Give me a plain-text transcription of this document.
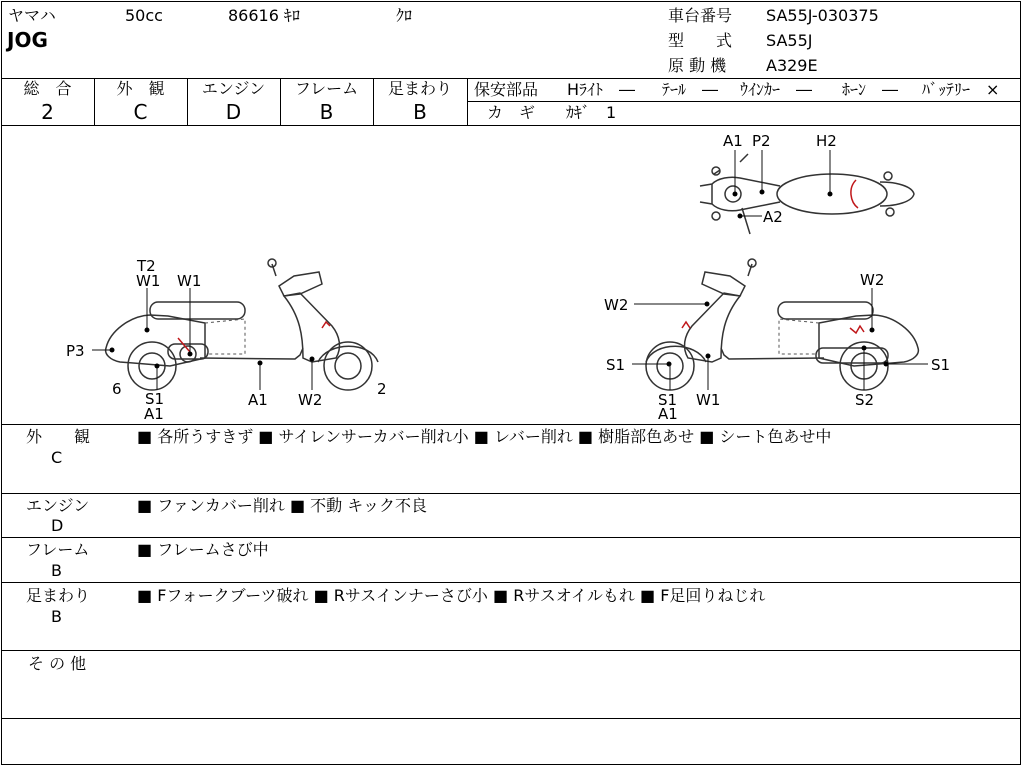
ヤマハ	50cc	86616 ｷﾛ	ｸﾛ
JOG
車台番号 SA55J-030375
型　　式 SA55J
原 動 機 A329E
総　合
2
外　観
C
エンジン
D
フレーム
B
足まわり
B
保安部品 Hﾗｲﾄ　― ﾃｰﾙ　― ｳｲﾝｶｰ　― ﾎｰﾝ　― ﾊﾞｯﾃﾘｰ　×
カ　ギ ｶｷﾞ　1
T2
W1 W1
P3
6
S1
A1
A1 W2
2
W2
W2
S1
S1
A1
W1
S1
S2
A1 P2	H2
A2
外　　観
C
■ 各所うすきず ■ サイレンサーカバー削れ小 ■ レバー削れ ■ 樹脂部色あせ ■ シート色あせ中
エンジン
D
■ ファンカバー削れ ■ 不動 キック不良
フレーム
B
■ フレームさび中
足まわり
B
■ Fフォークブーツ破れ ■ Rサスインナーさび小 ■ Rサスオイルもれ ■ F足回りねじれ
そ の 他
